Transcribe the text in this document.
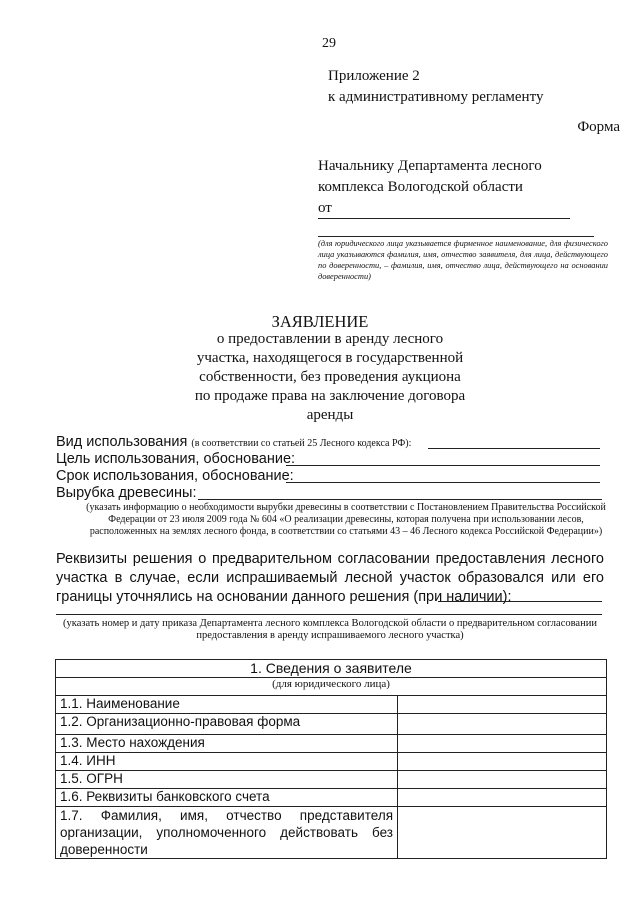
29
Приложение 2
к административному регламенту
Форма
Начальнику Департамента лесного
комплекса Вологодской области
от
(для юридического лица указывается фирменное наименование, для физического лица указываются фамилия, имя, отчество заявителя, для лица, действующего по доверенности, – фамилия, имя, отчество лица, действующего на основании доверенности)
ЗАЯВЛЕНИЕ
о предоставлении в аренду лесного
участка, находящегося в государственной
собственности, без проведения аукциона
по продаже права на заключение договора
аренды
Вид использования (в соответствии со статьей 25 Лесного кодекса РФ):
Цель использования, обоснование:
Срок использования, обоснование:
Вырубка древесины:
(указать информацию о необходимости вырубки древесины в соответствии с Постановлением Правительства Российской Федерации от 23 июля 2009 года № 604 «О реализации древесины, которая получена при использовании лесов, расположенных на землях лесного фонда, в соответствии со статьями 43 – 46 Лесного кодекса Российской Федерации»)
Реквизиты решения о предварительном согласовании предоставления лесного участка в случае, если испрашиваемый лесной участок образовался или его границы уточнялись на основании данного решения (при наличии):
(указать номер и дату приказа Департамента лесного комплекса Вологодской области о предварительном согласовании предоставления в аренду испрашиваемого лесного участка)
1. Сведения о заявителе	
(для юридического лица)	
1.1. Наименование	
1.2. Организационно-правовая форма	
1.3. Место нахождения	
1.4. ИНН	
1.5. ОГРН	
1.6. Реквизиты банковского счета	
1.7. Фамилия, имя, отчество представителя организации, уполномоченного действовать без доверенности	
